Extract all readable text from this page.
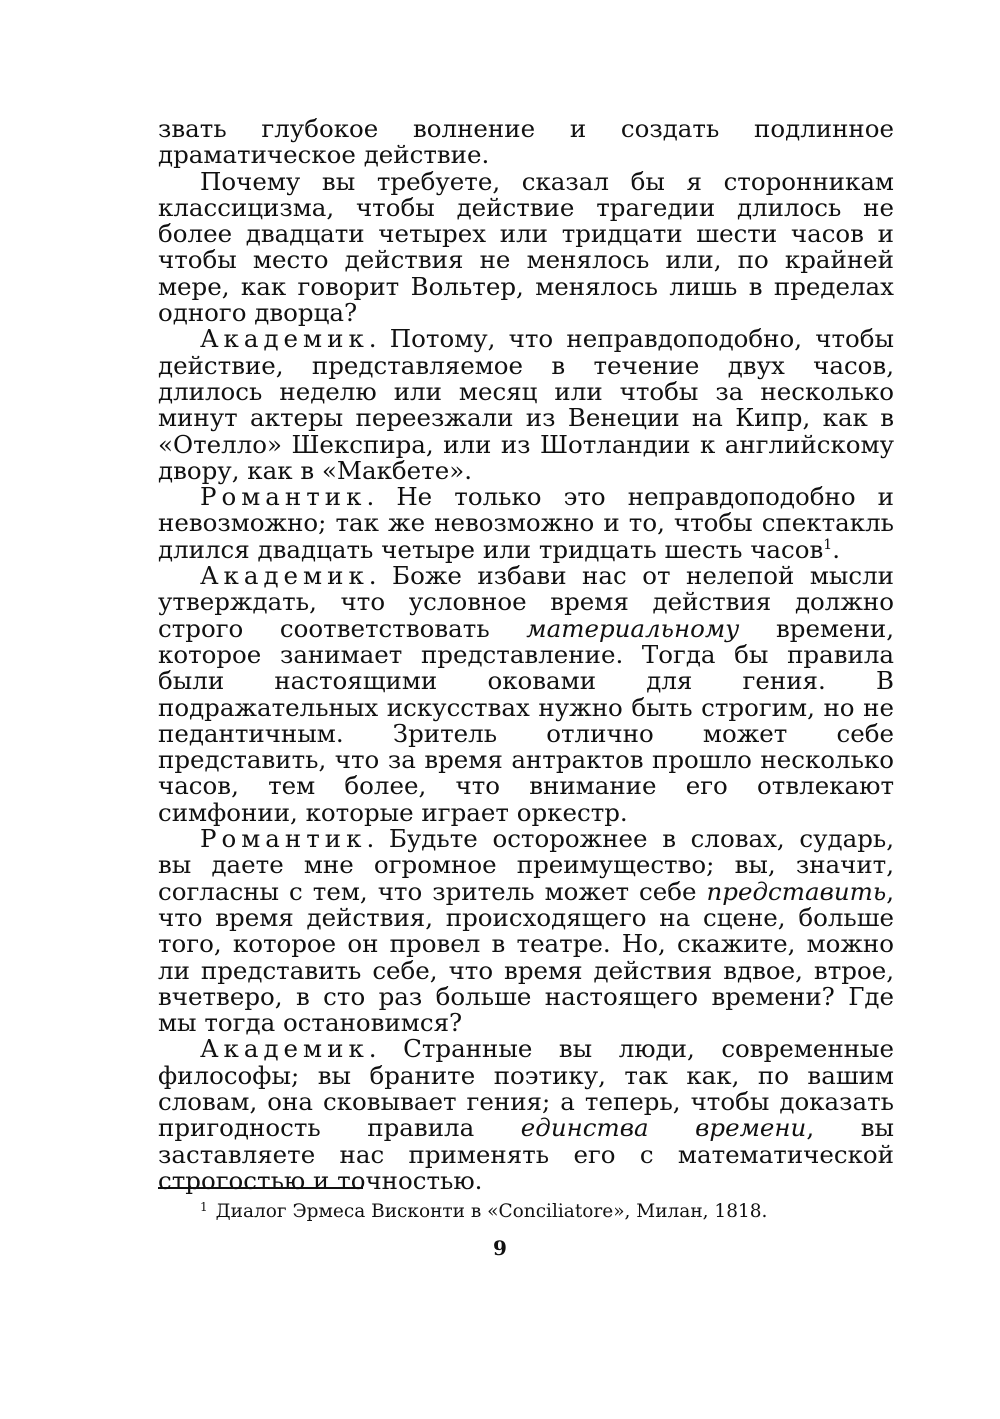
звать глубокое волнение и создать подлинное драматическое действие.

Почему вы требуете, сказал бы я сторонникам классицизма, чтобы действие трагедии длилось не более двадцати четырех или тридцати шести часов и чтобы место действия не менялось или, по крайней мере, как говорит Вольтер, менялось лишь в пределах одного дворца?

Академик. Потому, что неправдоподобно, чтобы действие, представляемое в течение двух часов, длилось неделю или месяц или чтобы за несколько минут актеры переезжали из Венеции на Кипр, как в «Отелло» Шекспира, или из Шотландии к английскому двору, как в «Макбете».

Романтик. Не только это неправдоподобно и невозможно; так же невозможно и то, чтобы спектакль длился двадцать четыре или тридцать шесть часов$^1$.

Академик. Боже избави нас от нелепой мысли утверждать, что условное время действия должно строго соответствовать материальному времени, которое занимает представление. Тогда бы правила были настоящими оковами для гения. В подражательных искусствах нужно быть строгим, но не педантичным. Зритель отлично может себе представить, что за время антрактов прошло несколько часов, тем более, что внимание его отвлекают симфонии, которые играет оркестр.

Романтик. Будьте осторожнее в словах, сударь, вы даете мне огромное преимущество; вы, значит, согласны с тем, что зритель может себе представить, что время действия, происходящего на сцене, больше того, которое он провел в театре. Но, скажите, можно ли представить себе, что время действия вдвое, втрое, вчетверо, в сто раз больше настоящего времени? Где мы тогда остановимся?

Академик. Странные вы люди, современные философы; вы браните поэтику, так как, по вашим словам, она сковывает гения; а теперь, чтобы доказать пригодность правила единства времени, вы заставляете нас применять его с математической строгостью и точностью.

$^1$ Диалог Эрмеса Висконти в «Conciliatore», Милан, 1818.
9
